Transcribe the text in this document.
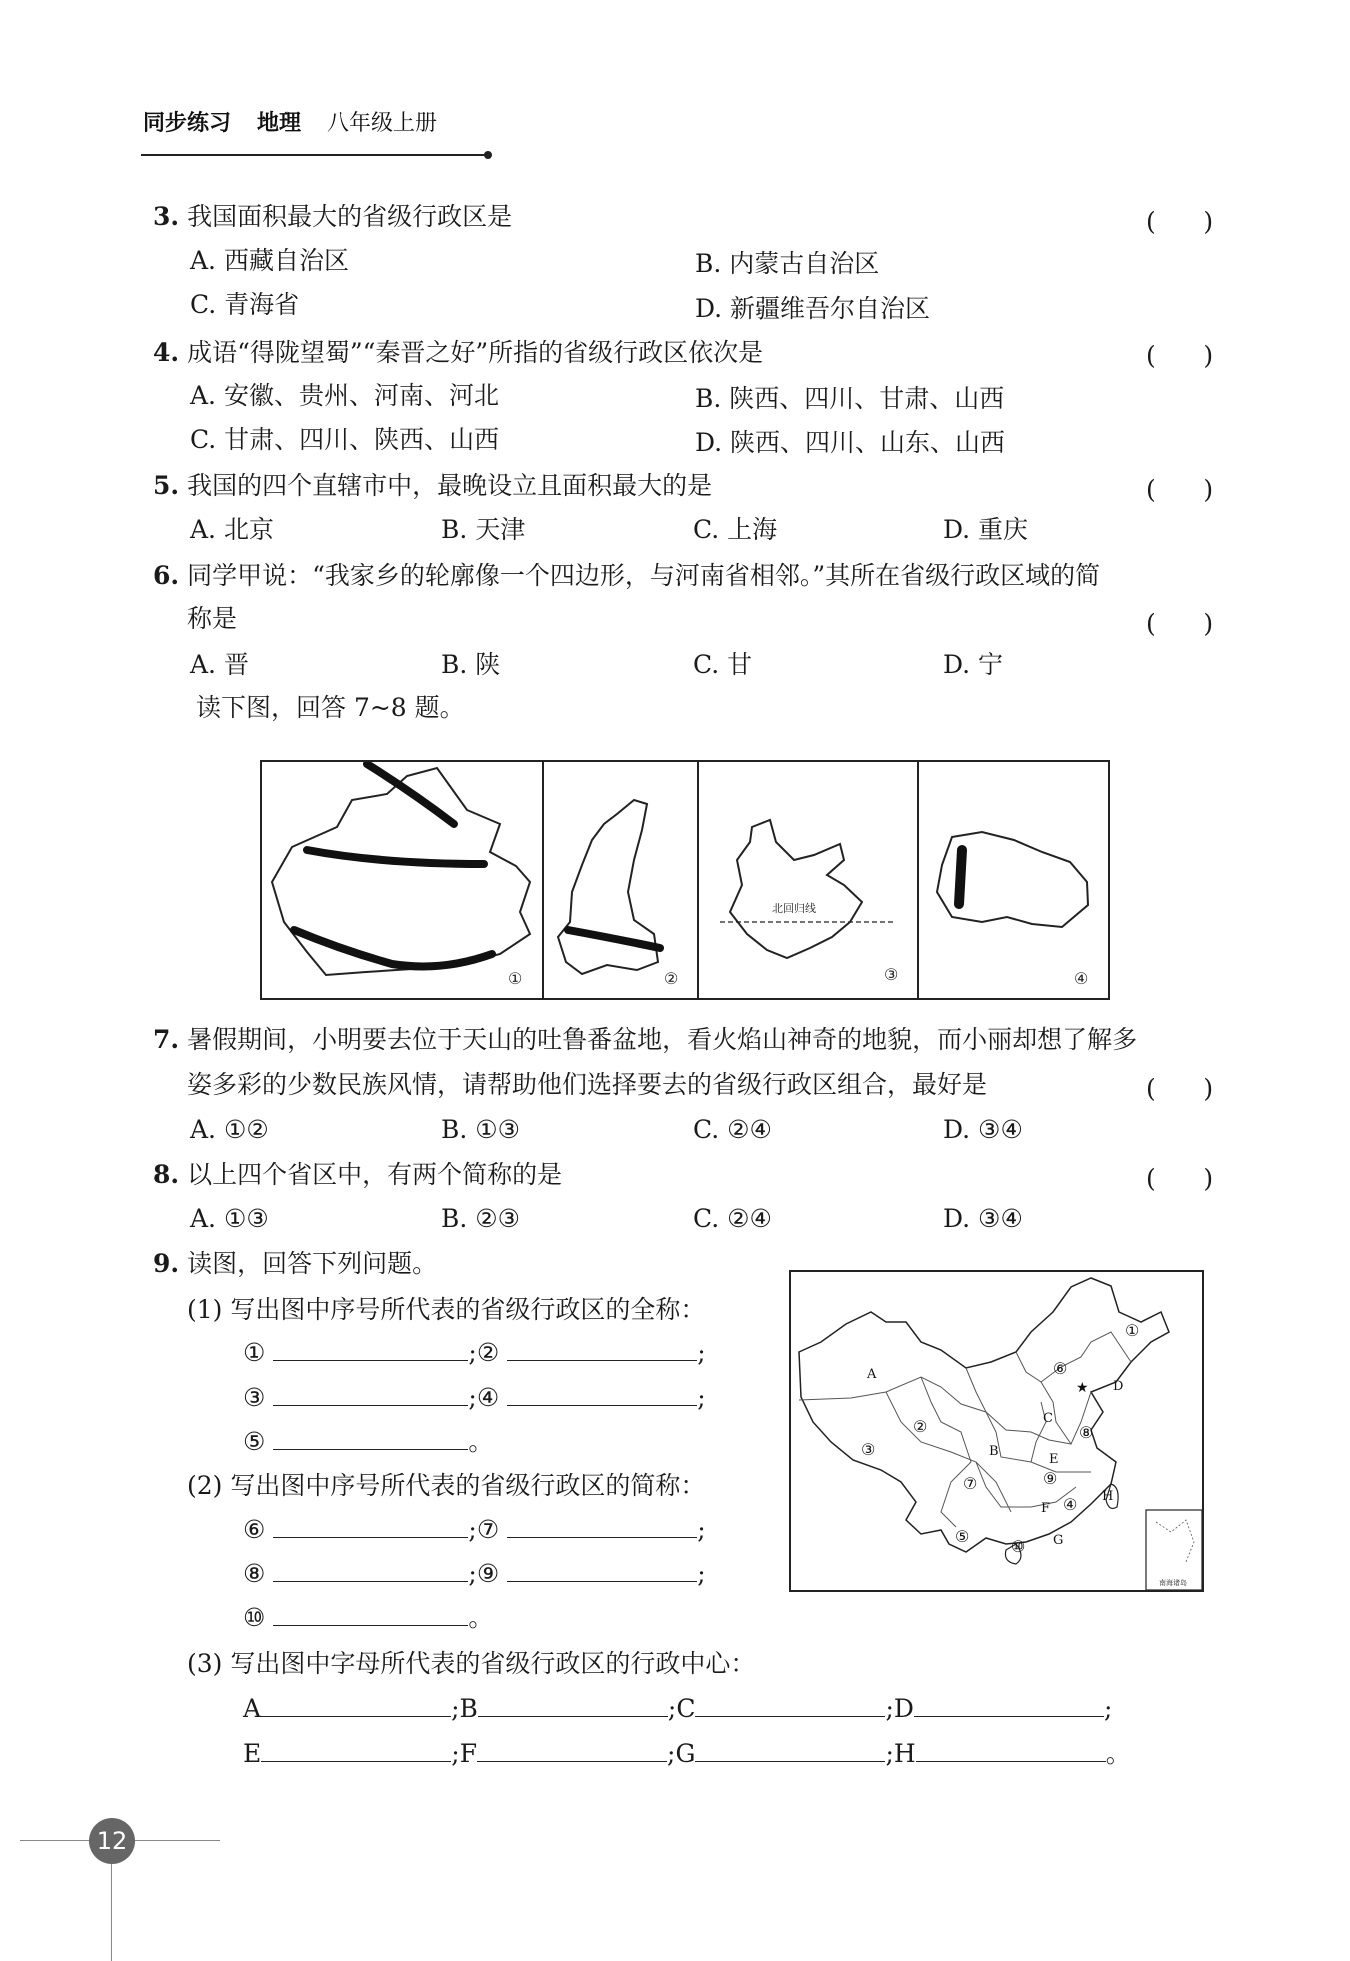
同步练习 地理 八年级上册
3. 我国面积最大的省级行政区是	(      )
A. 西藏自治区	B. 内蒙古自治区
C. 青海省	D. 新疆维吾尔自治区
4. 成语“得陇望蜀”“秦晋之好”所指的省级行政区依次是	(      )
A. 安徽、贵州、河南、河北	B. 陕西、四川、甘肃、山西
C. 甘肃、四川、陕西、山西	D. 陕西、四川、山东、山西
5. 我国的四个直辖市中，最晚设立且面积最大的是	(      )
A. 北京	B. 天津	C. 上海	D. 重庆
6. 同学甲说：“我家乡的轮廓像一个四边形，与河南省相邻。”其所在省级行政区域的简
称是	(      )
A. 晋	B. 陕	C. 甘	D. 宁
读下图，回答 7~8 题。
北回归线
①	②	③	④
7. 暑假期间，小明要去位于天山的吐鲁番盆地，看火焰山神奇的地貌，而小丽却想了解多
姿多彩的少数民族风情，请帮助他们选择要去的省级行政区组合，最好是	(      )
A. ①②	B. ①③	C. ②④	D. ③④
8. 以上四个省区中，有两个简称的是	(      )
A. ①③	B. ②③	C. ②④	D. ③④
9. 读图，回答下列问题。
(1) 写出图中序号所代表的省级行政区的全称：
①	;②	;
③	;④	;
⑤	。
(2) 写出图中序号所代表的省级行政区的简称：
⑥	;⑦	;
⑧	;⑨	;
⑩	。
(3) 写出图中字母所代表的省级行政区的行政中心：
A	;B	;C	;D	;
E	;F	;G	;H	。
★
南海诸岛
A
B
C
D
E
F
G
H
①
②
③
④
⑤
⑥
⑦
⑧
⑨
⑩
12
